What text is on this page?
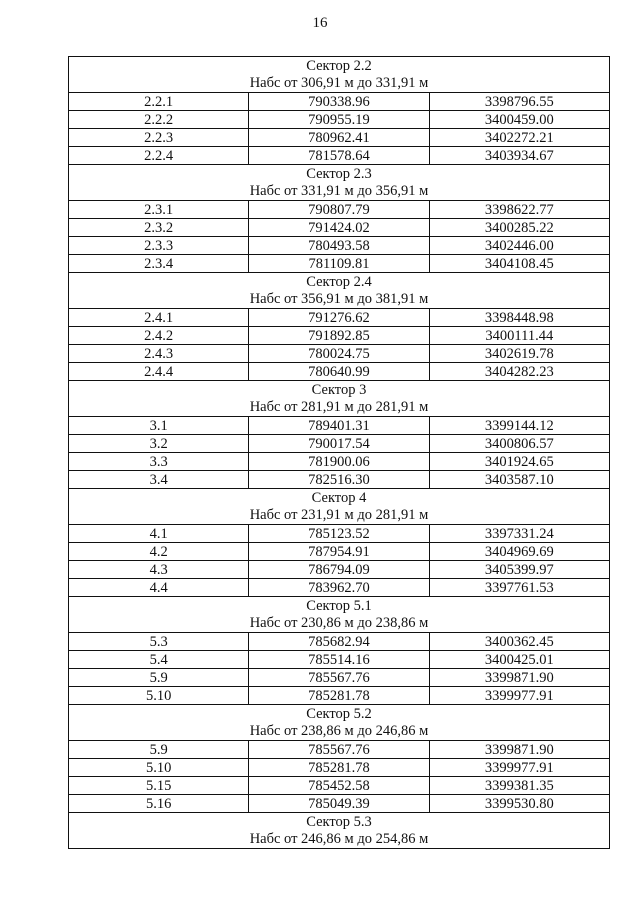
16
Сектор 2.2
Набс от 306,91 м до 331,91 м		

2.2.1	790338.96	3398796.55
2.2.2	790955.19	3400459.00
2.2.3	780962.41	3402272.21
2.2.4	781578.64	3403934.67

Сектор 2.3
Набс от 331,91 м до 356,91 м		

2.3.1	790807.79	3398622.77
2.3.2	791424.02	3400285.22
2.3.3	780493.58	3402446.00
2.3.4	781109.81	3404108.45

Сектор 2.4
Набс от 356,91 м до 381,91 м		

2.4.1	791276.62	3398448.98
2.4.2	791892.85	3400111.44
2.4.3	780024.75	3402619.78
2.4.4	780640.99	3404282.23

Сектор 3
Набс от 281,91 м до 281,91 м		

3.1	789401.31	3399144.12
3.2	790017.54	3400806.57
3.3	781900.06	3401924.65
3.4	782516.30	3403587.10

Сектор 4
Набс от 231,91 м до 281,91 м		

4.1	785123.52	3397331.24
4.2	787954.91	3404969.69
4.3	786794.09	3405399.97
4.4	783962.70	3397761.53

Сектор 5.1
Набс от 230,86 м до 238,86 м		

5.3	785682.94	3400362.45
5.4	785514.16	3400425.01
5.9	785567.76	3399871.90
5.10	785281.78	3399977.91

Сектор 5.2
Набс от 238,86 м до 246,86 м		

5.9	785567.76	3399871.90
5.10	785281.78	3399977.91
5.15	785452.58	3399381.35
5.16	785049.39	3399530.80

Сектор 5.3
Набс от 246,86 м до 254,86 м		
